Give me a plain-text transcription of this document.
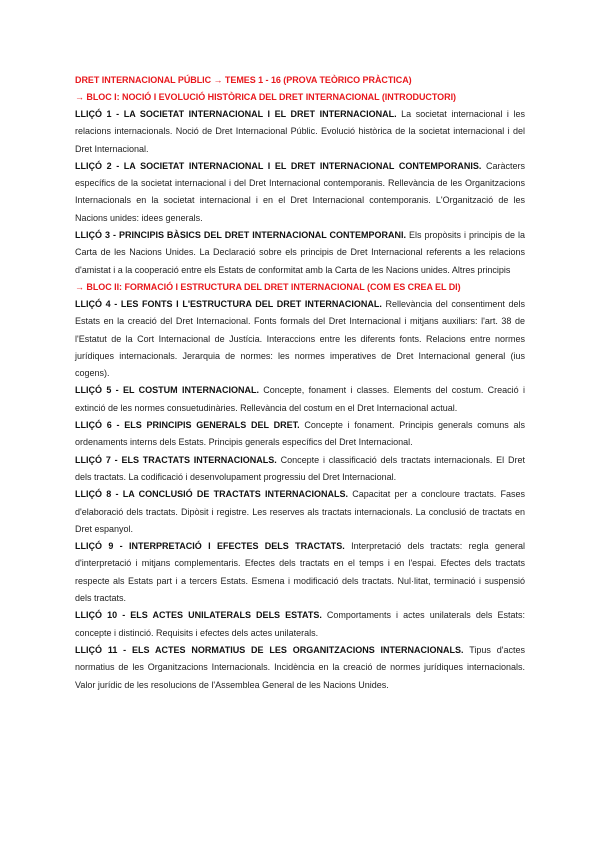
DRET INTERNACIONAL PÚBLIC → TEMES 1 - 16 (PROVA TEÒRICO PRÀCTICA)

→ BLOC I: NOCIÓ I EVOLUCIÓ HISTÒRICA DEL DRET INTERNACIONAL (INTRODUCTORI)

LLIÇÓ 1 - LA SOCIETAT INTERNACIONAL I EL DRET INTERNACIONAL. La societat internacional i les relacions internacionals. Noció de Dret Internacional Públic. Evolució històrica de la societat internacional i del Dret Internacional.

LLIÇÓ 2 - LA SOCIETAT INTERNACIONAL I EL DRET INTERNACIONAL CONTEMPORANIS. Caràcters específics de la societat internacional i del Dret Internacional contemporanis. Rellevància de les Organitzacions Internacionals en la societat internacional i en el Dret Internacional contemporanis. L'Organització de les Nacions unides: idees generals.

LLIÇÓ 3 - PRINCIPIS BÀSICS DEL DRET INTERNACIONAL CONTEMPORANI. Els propòsits i principis de la Carta de les Nacions Unides. La Declaració sobre els principis de Dret Internacional referents a les relacions d'amistat i a la cooperació entre els Estats de conformitat amb la Carta de les Nacions unides. Altres principis

→ BLOC II: FORMACIÓ I ESTRUCTURA DEL DRET INTERNACIONAL (COM ES CREA EL DI)

LLIÇÓ 4 - LES FONTS I L'ESTRUCTURA DEL DRET INTERNACIONAL. Rellevància del consentiment dels Estats en la creació del Dret Internacional. Fonts formals del Dret Internacional i mitjans auxiliars: l'art. 38 de l'Estatut de la Cort Internacional de Justícia. Interaccions entre les diferents fonts. Relacions entre normes jurídiques internacionals. Jerarquia de normes: les normes imperatives de Dret Internacional general (ius cogens).

LLIÇÓ 5 - EL COSTUM INTERNACIONAL. Concepte, fonament i classes. Elements del costum. Creació i extinció de les normes consuetudinàries. Rellevància del costum en el Dret Internacional actual.

LLIÇÓ 6 - ELS PRINCIPIS GENERALS DEL DRET. Concepte i fonament. Principis generals comuns als ordenaments interns dels Estats. Principis generals específics del Dret Internacional.

LLIÇÓ 7 - ELS TRACTATS INTERNACIONALS. Concepte i classificació dels tractats internacionals. El Dret dels tractats. La codificació i desenvolupament progressiu del Dret Internacional.

LLIÇÓ 8 - LA CONCLUSIÓ DE TRACTATS INTERNACIONALS. Capacitat per a concloure tractats. Fases d'elaboració dels tractats. Dipòsit i registre. Les reserves als tractats internacionals. La conclusió de tractats en Dret espanyol.

LLIÇÓ 9 - INTERPRETACIÓ I EFECTES DELS TRACTATS. Interpretació dels tractats: regla general d'interpretació i mitjans complementaris. Efectes dels tractats en el temps i en l'espai. Efectes dels tractats respecte als Estats part i a tercers Estats. Esmena i modificació dels tractats. Nul·litat, terminació i suspensió dels tractats.

LLIÇÓ 10 - ELS ACTES UNILATERALS DELS ESTATS. Comportaments i actes unilaterals dels Estats: concepte i distinció. Requisits i efectes dels actes unilaterals.

LLIÇÓ 11 - ELS ACTES NORMATIUS DE LES ORGANITZACIONS INTERNACIONALS. Tipus d'actes normatius de les Organitzacions Internacionals. Incidència en la creació de normes jurídiques internacionals. Valor jurídic de les resolucions de l'Assemblea General de les Nacions Unides.
